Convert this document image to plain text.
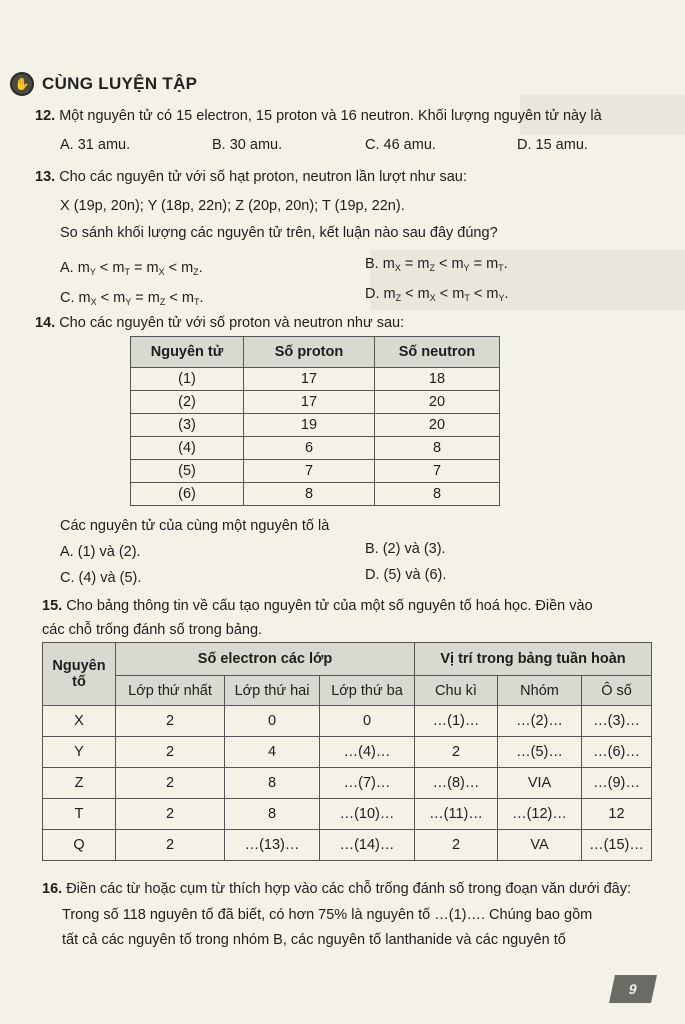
✋ CÙNG LUYỆN TẬP
12. Một nguyên tử có 15 electron, 15 proton và 16 neutron. Khối lượng nguyên tử này là
A. 31 amu.	B. 30 amu.	C. 46 amu.	D. 15 amu.
13. Cho các nguyên tử với số hạt proton, neutron lần lượt như sau:
X (19p, 20n); Y (18p, 22n); Z (20p, 20n); T (19p, 22n).
So sánh khối lượng các nguyên tử trên, kết luận nào sau đây đúng?
A. $m_Y < m_T = m_X < m_Z$.	B. $m_X = m_Z < m_Y = m_T$.
C. $m_X < m_Y = m_Z < m_T$.	D. $m_Z < m_X < m_T < m_Y$.
14. Cho các nguyên tử với số proton và neutron như sau:
Nguyên tử	Số proton	Số neutron
(1)	17	18
(2)	17	20
(3)	19	20
(4)	6	8
(5)	7	7
(6)	8	8
Các nguyên tử của cùng một nguyên tố là
A. (1) và (2).	B. (2) và (3).
C. (4) và (5).	D. (5) và (6).
15. Cho bảng thông tin về cấu tạo nguyên tử của một số nguyên tố hoá học. Điền vào
các chỗ trống đánh số trong bảng.
Nguyên
tố	Số electron các lớp			Vị trí trong bảng tuần hoàn		
	Lớp thứ nhất	Lớp thứ hai	Lớp thứ ba	Chu kì	Nhóm	Ô số
X	2	0	0	…(1)…	…(2)…	…(3)…
Y	2	4	…(4)…	2	…(5)…	…(6)…
Z	2	8	…(7)…	…(8)…	VIA	…(9)…
T	2	8	…(10)…	…(11)…	…(12)…	12
Q	2	…(13)…	…(14)…	2	VA	…(15)…
16. Điền các từ hoặc cụm từ thích hợp vào các chỗ trống đánh số trong đoạn văn dưới đây:
Trong số 118 nguyên tố đã biết, có hơn 75% là nguyên tố …(1)…. Chúng bao gồm
tất cả các nguyên tố trong nhóm B, các nguyên tố lanthanide và các nguyên tố
9
